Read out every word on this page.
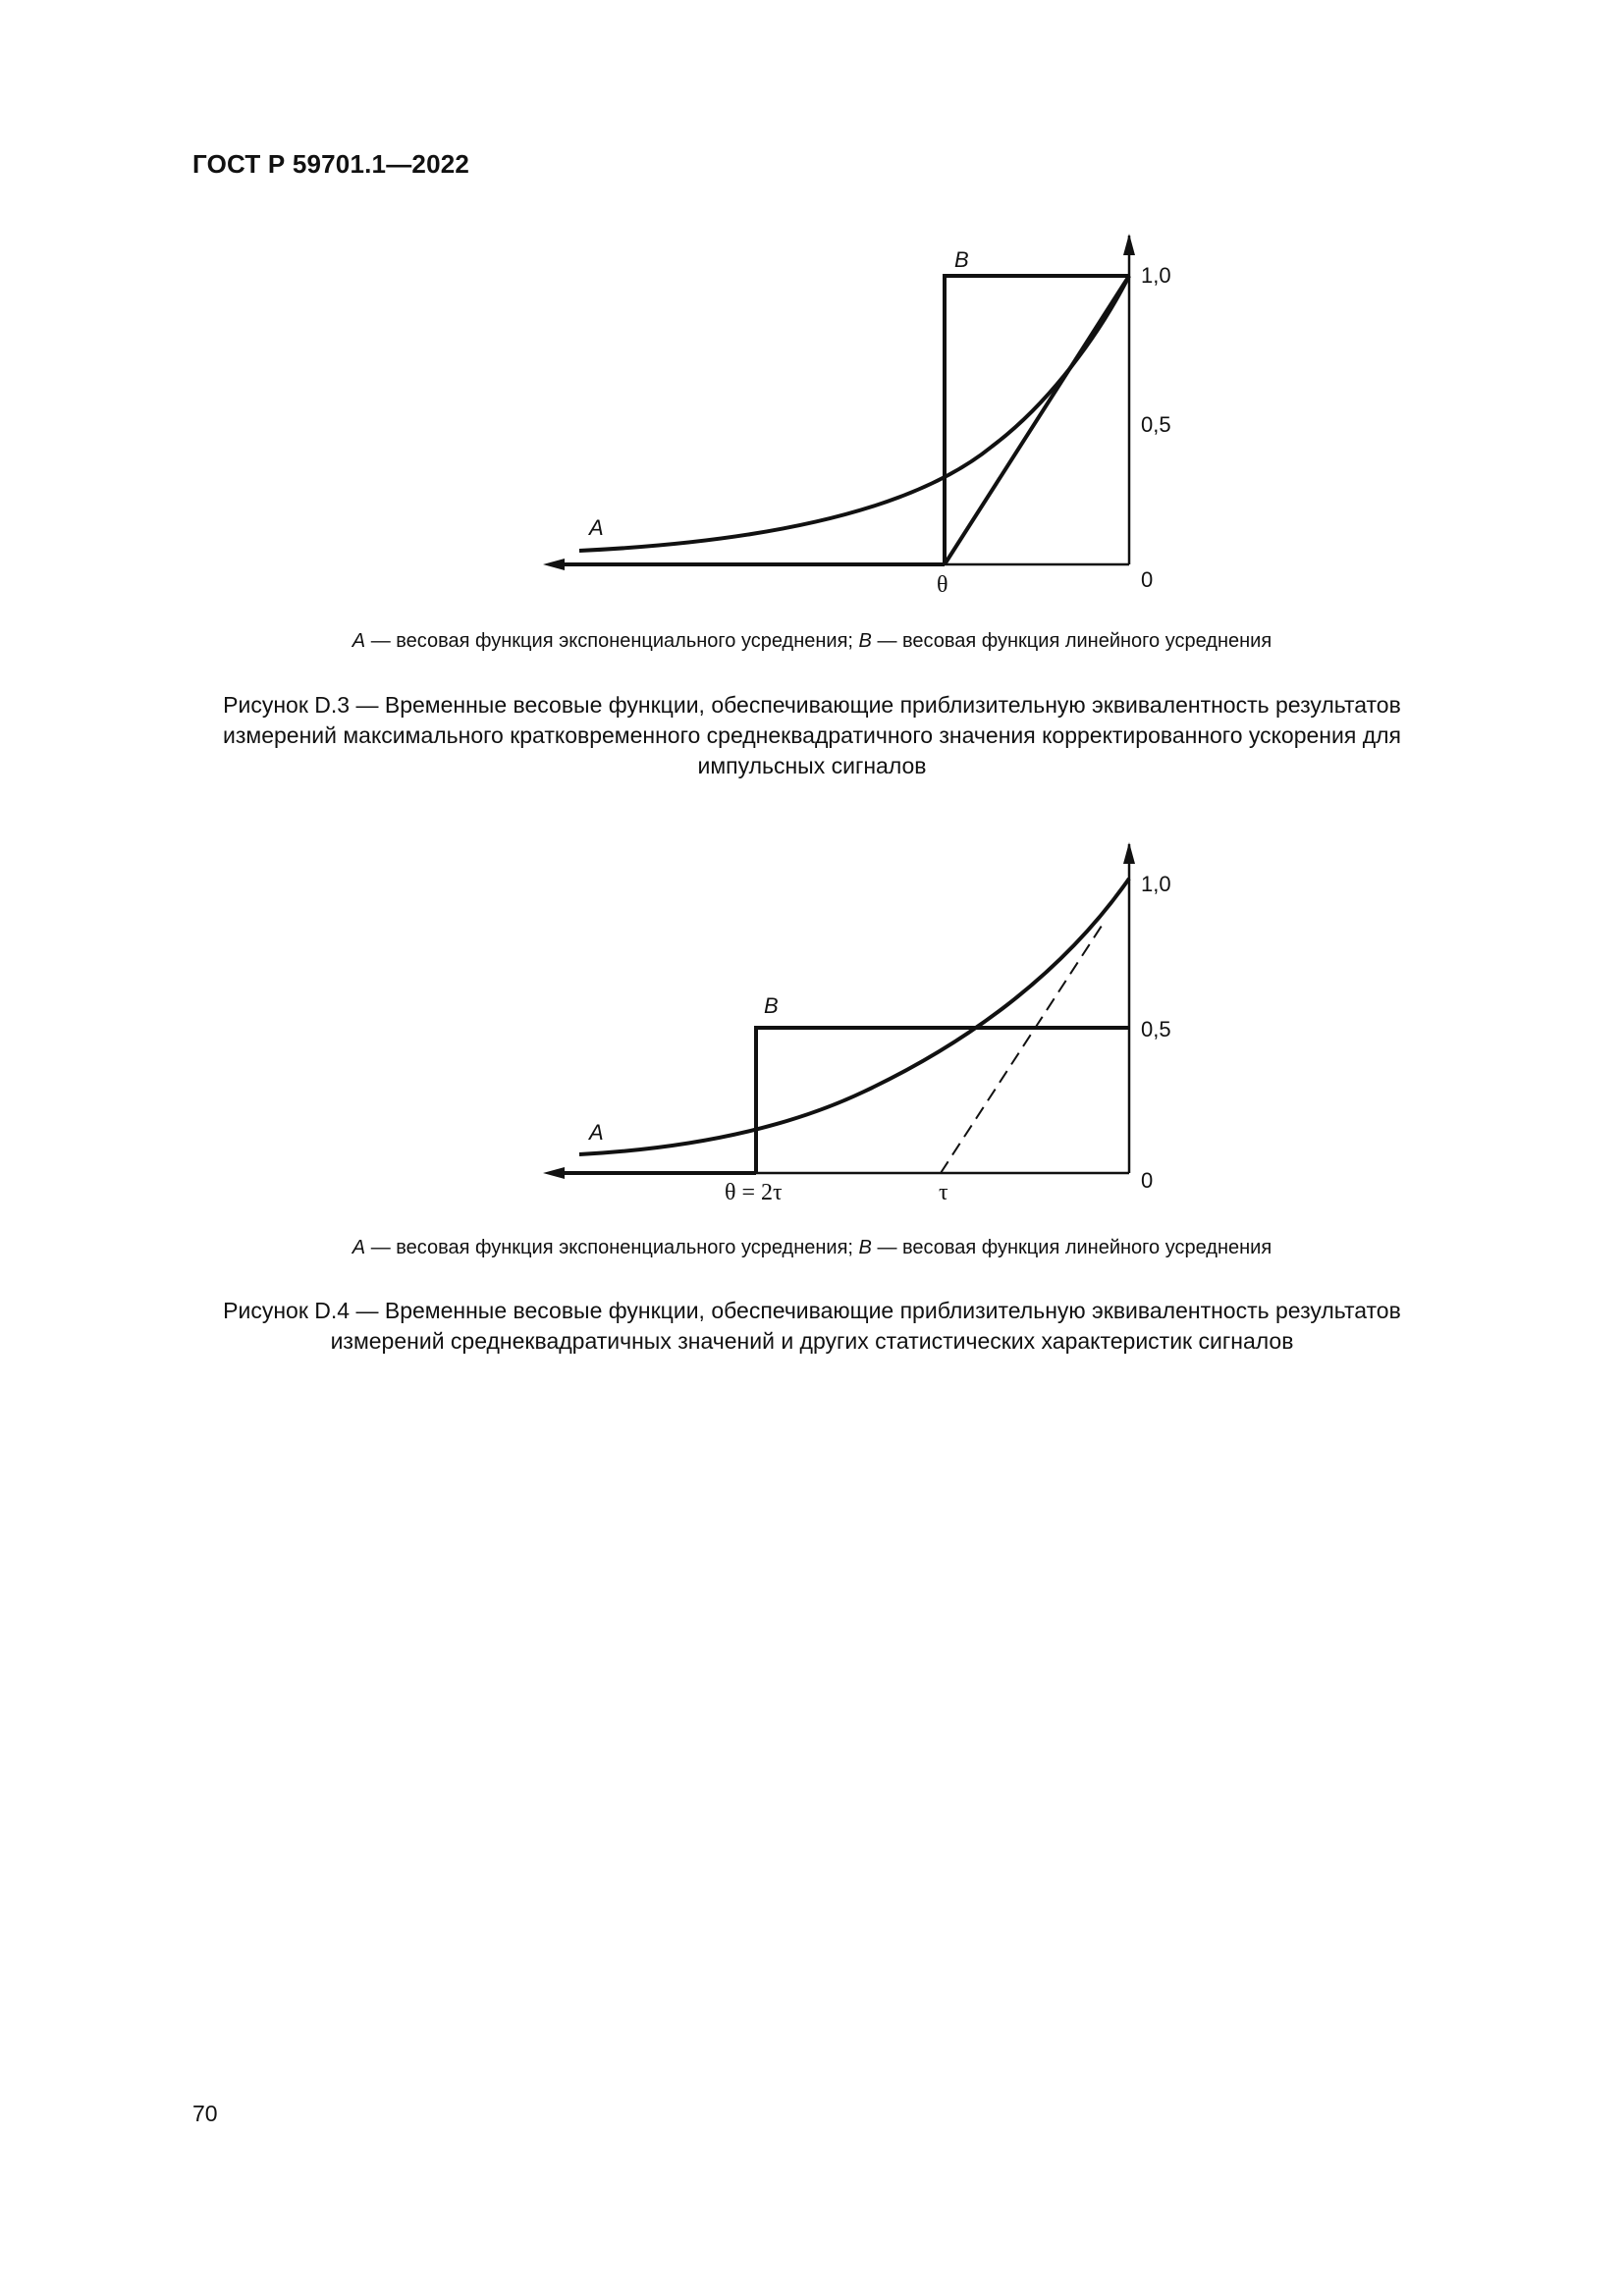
ГОСТ Р 59701.1—2022
B
A
1,0
0,5
0
θ
A — весовая функция экспоненциального усреднения; B — весовая функция линейного усреднения
Рисунок D.3 — Временные весовые функции, обеспечивающие приблизительную эквивалентность результатов измерений максимального кратковременного среднеквадратичного значения корректированного ускорения для импульсных сигналов
B
A
1,0
0,5
0
θ = 2τ	τ
A — весовая функция экспоненциального усреднения; B — весовая функция линейного усреднения
Рисунок D.4 — Временные весовые функции, обеспечивающие приблизительную эквивалентность результатов измерений среднеквадратичных значений и других статистических характеристик сигналов
70
